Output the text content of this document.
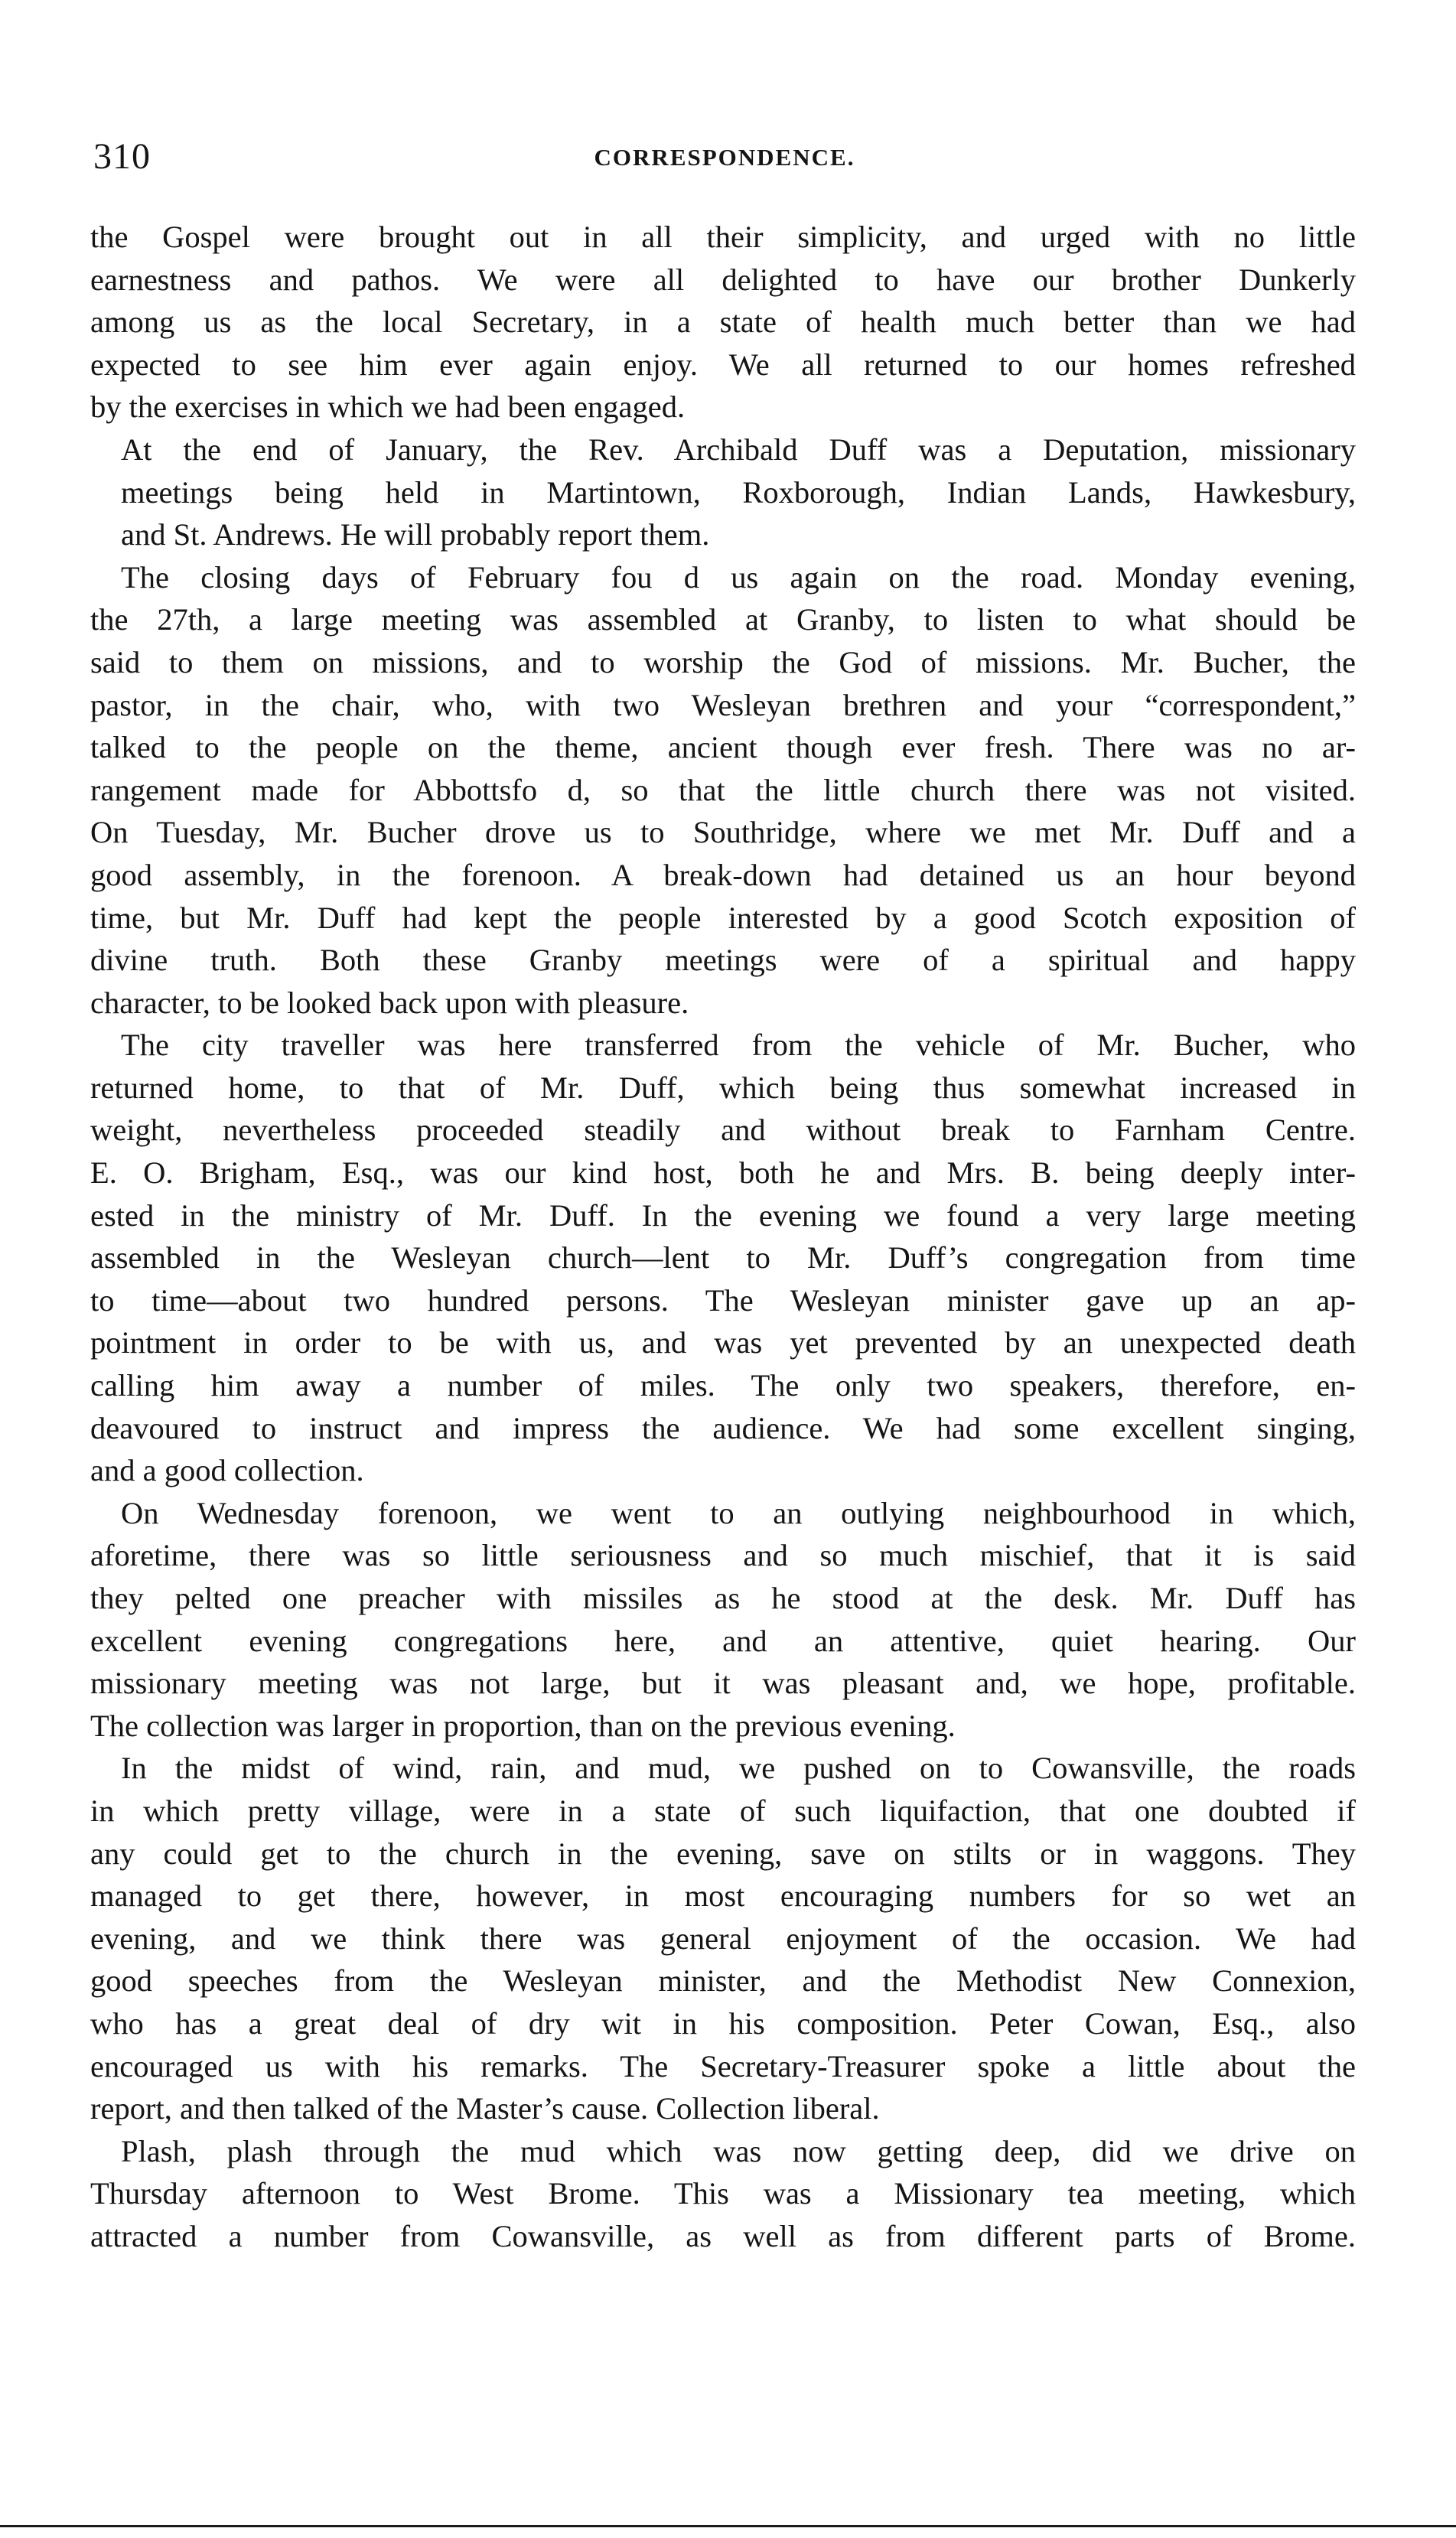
310	CORRESPONDENCE.

the Gospel were brought out in all their simplicity, and urged with no little
earnestness and pathos. We were all delighted to have our brother Dunkerly
among us as the local Secretary, in a state of health much better than we had
expected to see him ever again enjoy. We all returned to our homes refreshed
by the exercises in which we had been engaged.

At the end of January, the Rev. Archibald Duff was a Deputation, missionary
meetings being held in Martintown, Roxborough, Indian Lands, Hawkesbury,
and St. Andrews. He will probably report them.

The closing days of February fou d us again on the road. Monday evening,
the 27th, a large meeting was assembled at Granby, to listen to what should be
said to them on missions, and to worship the God of missions. Mr. Bucher, the
pastor, in the chair, who, with two Wesleyan brethren and your “correspondent,”
talked to the people on the theme, ancient though ever fresh. There was no ar-
rangement made for Abbottsfo d, so that the little church there was not visited.
On Tuesday, Mr. Bucher drove us to Southridge, where we met Mr. Duff and a
good assembly, in the forenoon. A break-down had detained us an hour beyond
time, but Mr. Duff had kept the people interested by a good Scotch exposition of
divine truth. Both these Granby meetings were of a spiritual and happy
character, to be looked back upon with pleasure.

The city traveller was here transferred from the vehicle of Mr. Bucher, who
returned home, to that of Mr. Duff, which being thus somewhat increased in
weight, nevertheless proceeded steadily and without break to Farnham Centre.
E. O. Brigham, Esq., was our kind host, both he and Mrs. B. being deeply inter-
ested in the ministry of Mr. Duff. In the evening we found a very large meeting
assembled in the Wesleyan church—lent to Mr. Duff’s congregation from time
to time—about two hundred persons. The Wesleyan minister gave up an ap-
pointment in order to be with us, and was yet prevented by an unexpected death
calling him away a number of miles. The only two speakers, therefore, en-
deavoured to instruct and impress the audience. We had some excellent singing,
and a good collection.

On Wednesday forenoon, we went to an outlying neighbourhood in which,
aforetime, there was so little seriousness and so much mischief, that it is said
they pelted one preacher with missiles as he stood at the desk. Mr. Duff has
excellent evening congregations here, and an attentive, quiet hearing. Our
missionary meeting was not large, but it was pleasant and, we hope, profitable.
The collection was larger in proportion, than on the previous evening.

In the midst of wind, rain, and mud, we pushed on to Cowansville, the roads
in which pretty village, were in a state of such liquifaction, that one doubted if
any could get to the church in the evening, save on stilts or in waggons. They
managed to get there, however, in most encouraging numbers for so wet an
evening, and we think there was general enjoyment of the occasion. We had
good speeches from the Wesleyan minister, and the Methodist New Connexion,
who has a great deal of dry wit in his composition. Peter Cowan, Esq., also
encouraged us with his remarks. The Secretary-Treasurer spoke a little about the
report, and then talked of the Master’s cause. Collection liberal.

Plash, plash through the mud which was now getting deep, did we drive on
Thursday afternoon to West Brome. This was a Missionary tea meeting, which
attracted a number from Cowansville, as well as from different parts of Brome.
